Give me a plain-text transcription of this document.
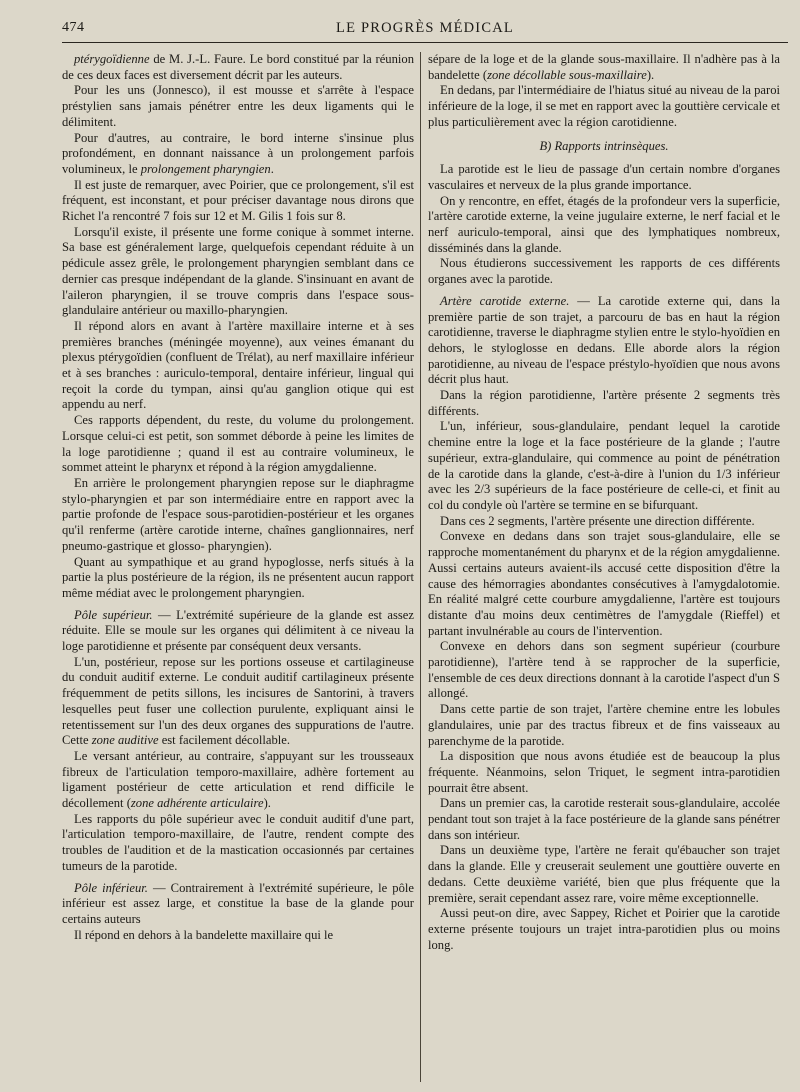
474	LE PROGRÈS MÉDICAL

ptérygoïdienne de M. J.-L. Faure. Le bord constitué par la réunion de ces deux faces est diversement décrit par les auteurs.

Pour les uns (Jonnesco), il est mousse et s'arrête à l'espace préstylien sans jamais pénétrer entre les deux ligaments qui le délimitent.

Pour d'autres, au contraire, le bord interne s'insinue plus profondément, en donnant naissance à un prolongement parfois volumineux, le prolongement pharyngien.

Il est juste de remarquer, avec Poirier, que ce prolongement, s'il est fréquent, est inconstant, et pour préciser davantage nous dirons que Richet l'a rencontré 7 fois sur 12 et M. Gilis 1 fois sur 8.

Lorsqu'il existe, il présente une forme conique à sommet interne. Sa base est généralement large, quelquefois cependant réduite à un pédicule assez grêle, le prolongement pharyngien semblant dans ce dernier cas presque indépendant de la glande. S'insinuant en avant de l'aileron pharyngien, il se trouve compris dans l'espace sous-glandulaire antérieur ou maxillo-pharyngien.

Il répond alors en avant à l'artère maxillaire interne et à ses premières branches (méningée moyenne), aux veines émanant du plexus ptérygoïdien (confluent de Trélat), au nerf maxillaire inférieur et à ses branches : auriculo-temporal, dentaire inférieur, lingual qui reçoit la corde du tympan, ainsi qu'au ganglion otique qui est appendu au nerf.

Ces rapports dépendent, du reste, du volume du prolongement. Lorsque celui-ci est petit, son sommet déborde à peine les limites de la loge parotidienne ; quand il est au contraire volumineux, le sommet atteint le pharynx et répond à la région amygdalienne.

En arrière le prolongement pharyngien repose sur le diaphragme stylo-pharyngien et par son intermédiaire entre en rapport avec la partie profonde de l'espace sous-parotidien-postérieur et les organes qu'il renferme (artère carotide interne, chaînes ganglionnaires, nerf pneumo-gastrique et glosso- pharyngien).

Quant au sympathique et au grand hypoglosse, nerfs situés à la partie la plus postérieure de la région, ils ne présentent aucun rapport même médiat avec le prolongement pharyngien.

Pôle supérieur. — L'extrémité supérieure de la glande est assez réduite. Elle se moule sur les organes qui délimitent à ce niveau la loge parotidienne et présente par conséquent deux versants.

L'un, postérieur, repose sur les portions osseuse et cartilagineuse du conduit auditif externe. Le conduit auditif cartilagineux présente fréquemment de petits sillons, les incisures de Santorini, à travers lesquelles peut fuser une collection purulente, expliquant ainsi le retentissement sur l'un des deux organes des suppurations de l'autre. Cette zone auditive est facilement décollable.

Le versant antérieur, au contraire, s'appuyant sur les trousseaux fibreux de l'articulation temporo-maxillaire, adhère fortement au ligament postérieur de cette articulation et rend difficile le décollement (zone adhérente articulaire).

Les rapports du pôle supérieur avec le conduit auditif d'une part, l'articulation temporo-maxillaire, de l'autre, rendent compte des troubles de l'audition et de la mastication occasionnés par certaines tumeurs de la parotide.

Pôle inférieur. — Contrairement à l'extrémité supérieure, le pôle inférieur est assez large, et constitue la base de la glande pour certains auteurs

Il répond en dehors à la bandelette maxillaire qui le

sépare de la loge et de la glande sous-maxillaire. Il n'adhère pas à la bandelette (zone décollable sous-maxillaire).

En dedans, par l'intermédiaire de l'hiatus situé au niveau de la paroi inférieure de la loge, il se met en rapport avec la gouttière cervicale et plus particulièrement avec la région carotidienne.

B) Rapports intrinsèques.

La parotide est le lieu de passage d'un certain nombre d'organes vasculaires et nerveux de la plus grande importance.

On y rencontre, en effet, étagés de la profondeur vers la superficie, l'artère carotide externe, la veine jugulaire externe, le nerf facial et le nerf auriculo-temporal, ainsi que des lymphatiques nombreux, disséminés dans la glande.

Nous étudierons successivement les rapports de ces différents organes avec la parotide.

Artère carotide externe. — La carotide externe qui, dans la première partie de son trajet, a parcouru de bas en haut la région carotidienne, traverse le diaphragme stylien entre le stylo-hyoïdien en dehors, le styloglosse en dedans. Elle aborde alors la région parotidienne, au niveau de l'espace préstylo-hyoïdien que nous avons décrit plus haut.

Dans la région parotidienne, l'artère présente 2 segments très différents.

L'un, inférieur, sous-glandulaire, pendant lequel la carotide chemine entre la loge et la face postérieure de la glande ; l'autre supérieur, extra-glandulaire, qui commence au point de pénétration de la carotide dans la glande, c'est-à-dire à l'union du 1/3 inférieur avec les 2/3 supérieurs de la face postérieure de celle-ci, et finit au col du condyle où l'artère se termine en se bifurquant.

Dans ces 2 segments, l'artère présente une direction différente.

Convexe en dedans dans son trajet sous-glandulaire, elle se rapproche momentanément du pharynx et de la région amygdalienne. Aussi certains auteurs avaient-ils accusé cette disposition d'être la cause des hémorragies abondantes consécutives à l'amygdalotomie. En réalité malgré cette courbure amygdalienne, l'artère est toujours distante d'au moins deux centimètres de l'amygdale (Rieffel) et partant invulnérable au cours de l'intervention.

Convexe en dehors dans son segment supérieur (courbure parotidienne), l'artère tend à se rapprocher de la superficie, l'ensemble de ces deux directions donnant à la carotide l'aspect d'un S allongé.

Dans cette partie de son trajet, l'artère chemine entre les lobules glandulaires, unie par des tractus fibreux et de fins vaisseaux au parenchyme de la parotide.

La disposition que nous avons étudiée est de beaucoup la plus fréquente. Néanmoins, selon Triquet, le segment intra-parotidien pourrait être absent.

Dans un premier cas, la carotide resterait sous-glandulaire, accolée pendant tout son trajet à la face postérieure de la glande sans pénétrer dans son intérieur.

Dans un deuxième type, l'artère ne ferait qu'ébaucher son trajet dans la glande. Elle y creuserait seulement une gouttière ouverte en dedans. Cette deuxième variété, bien que plus fréquente que la première, serait cependant assez rare, voire même exceptionnelle.

Aussi peut-on dire, avec Sappey, Richet et Poirier que la carotide externe présente toujours un trajet intra-parotidien plus ou moins long.
